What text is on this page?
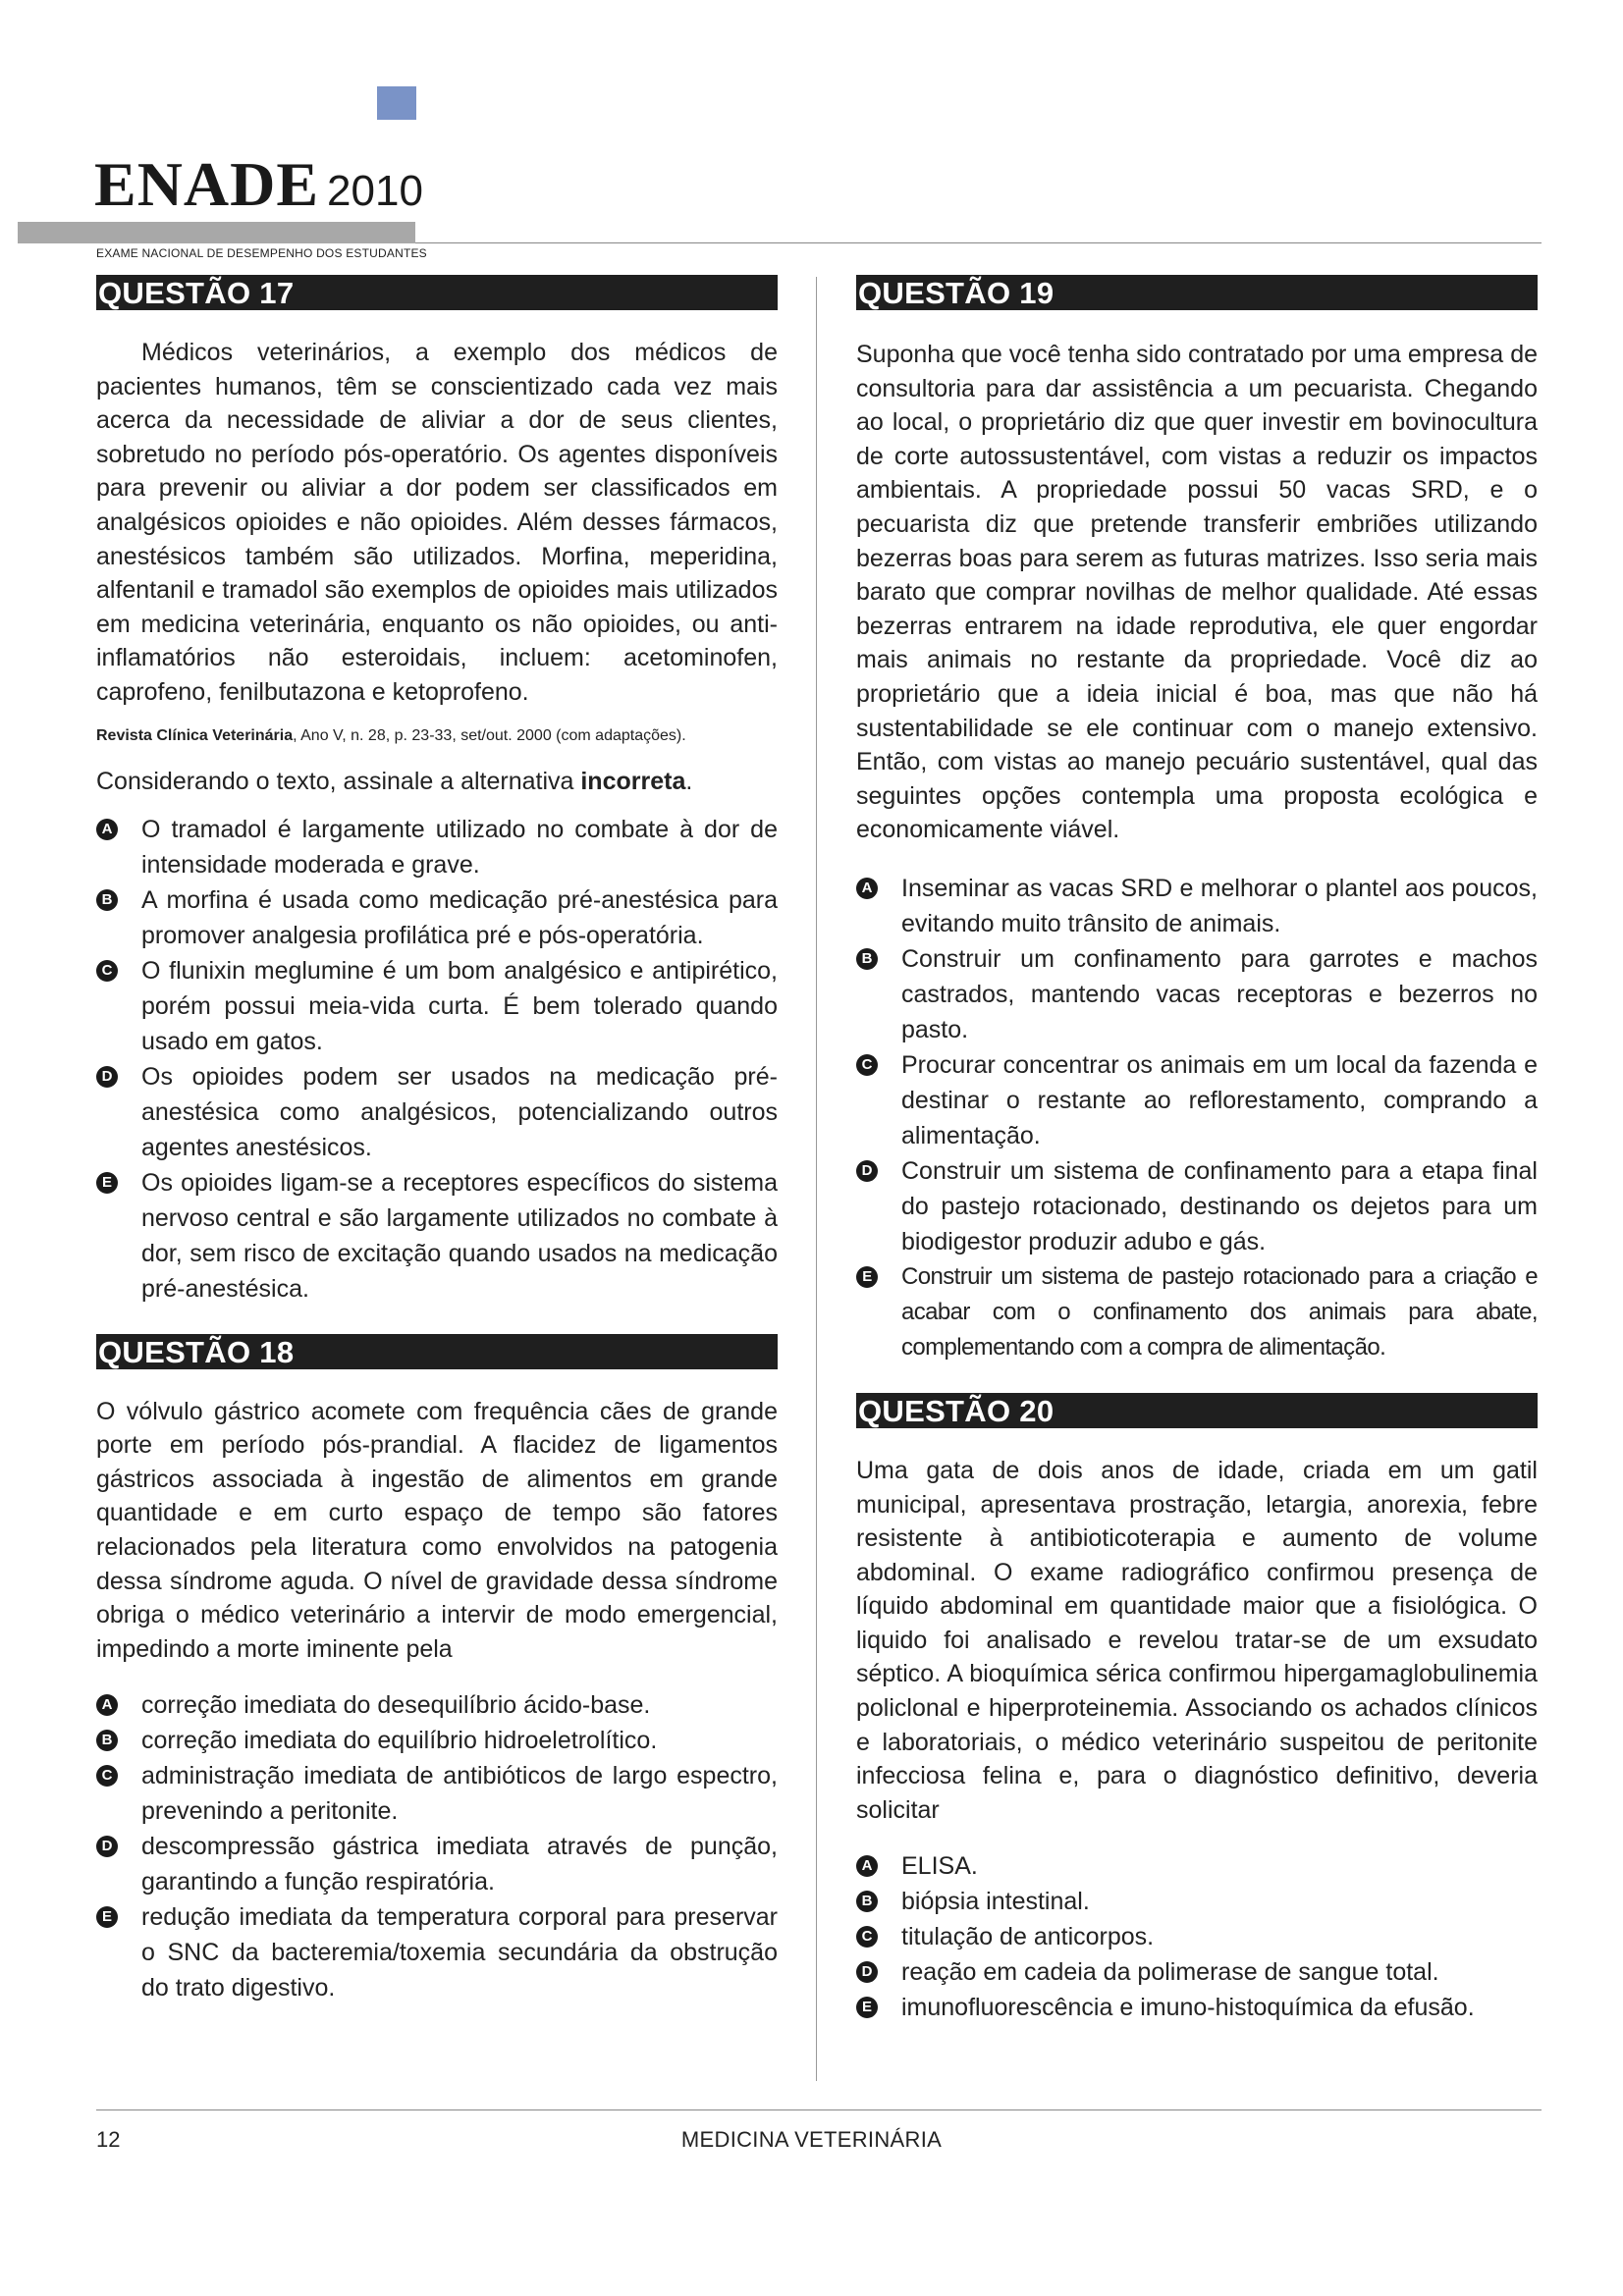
ENADE 2010
EXAME NACIONAL DE DESEMPENHO DOS ESTUDANTES
QUESTÃO 17

Médicos veterinários, a exemplo dos médicos de pacientes humanos, têm se conscientizado cada vez mais acerca da necessidade de aliviar a dor de seus clientes, sobretudo no período pós-operatório. Os agentes disponíveis para prevenir ou aliviar a dor podem ser classificados em analgésicos opioides e não opioides. Além desses fármacos, anestésicos também são utilizados. Morfina, meperidina, alfentanil e tramadol são exemplos de opioides mais utilizados em medicina veterinária, enquanto os não opioides, ou anti-inflamatórios não esteroidais, incluem: acetominofen, caprofeno, fenilbutazona e ketoprofeno.

Revista Clínica Veterinária, Ano V, n. 28, p. 23-33, set/out. 2000 (com adaptações).

Considerando o texto, assinale a alternativa incorreta.

A O tramadol é largamente utilizado no combate à dor de intensidade moderada e grave.
B A morfina é usada como medicação pré-anestésica para promover analgesia profilática pré e pós-operatória.
C O flunixin meglumine é um bom analgésico e antipirético, porém possui meia-vida curta. É bem tolerado quando usado em gatos.
D Os opioides podem ser usados na medicação pré-anestésica como analgésicos, potencializando outros agentes anestésicos.
E Os opioides ligam-se a receptores específicos do sistema nervoso central e são largamente utilizados no combate à dor, sem risco de excitação quando usados na medicação pré-anestésica.
QUESTÃO 18

O vólvulo gástrico acomete com frequência cães de grande porte em período pós-prandial. A flacidez de ligamentos gástricos associada à ingestão de alimentos em grande quantidade e em curto espaço de tempo são fatores relacionados pela literatura como envolvidos na patogenia dessa síndrome aguda. O nível de gravidade dessa síndrome obriga o médico veterinário a intervir de modo emergencial, impedindo a morte iminente pela

A correção imediata do desequilíbrio ácido-base.
B correção imediata do equilíbrio hidroeletrolítico.
C administração imediata de antibióticos de largo espectro, prevenindo a peritonite.
D descompressão gástrica imediata através de punção, garantindo a função respiratória.
E redução imediata da temperatura corporal para preservar o SNC da bacteremia/toxemia secundária da obstrução do trato digestivo.
QUESTÃO 19

Suponha que você tenha sido contratado por uma empresa de consultoria para dar assistência a um pecuarista. Chegando ao local, o proprietário diz que quer investir em bovinocultura de corte autossustentável, com vistas a reduzir os impactos ambientais. A propriedade possui 50 vacas SRD, e o pecuarista diz que pretende transferir embriões utilizando bezerras boas para serem as futuras matrizes. Isso seria mais barato que comprar novilhas de melhor qualidade. Até essas bezerras entrarem na idade reprodutiva, ele quer engordar mais animais no restante da propriedade. Você diz ao proprietário que a ideia inicial é boa, mas que não há sustentabilidade se ele continuar com o manejo extensivo. Então, com vistas ao manejo pecuário sustentável, qual das seguintes opções contempla uma proposta ecológica e economicamente viável.

A Inseminar as vacas SRD e melhorar o plantel aos poucos, evitando muito trânsito de animais.
B Construir um confinamento para garrotes e machos castrados, mantendo vacas receptoras e bezerros no pasto.
C Procurar concentrar os animais em um local da fazenda e destinar o restante ao reflorestamento, comprando a alimentação.
D Construir um sistema de confinamento para a etapa final do pastejo rotacionado, destinando os dejetos para um biodigestor produzir adubo e gás.
E Construir um sistema de pastejo rotacionado para a criação e acabar com o confinamento dos animais para abate, complementando com a compra de alimentação.
QUESTÃO 20

Uma gata de dois anos de idade, criada em um gatil municipal, apresentava prostração, letargia, anorexia, febre resistente à antibioticoterapia e aumento de volume abdominal. O exame radiográfico confirmou presença de líquido abdominal em quantidade maior que a fisiológica. O liquido foi analisado e revelou tratar-se de um exsudato séptico. A bioquímica sérica confirmou hipergamaglobulinemia policlonal e hiperproteinemia. Associando os achados clínicos e laboratoriais, o médico veterinário suspeitou de peritonite infecciosa felina e, para o diagnóstico definitivo, deveria solicitar

A ELISA.
B biópsia intestinal.
C titulação de anticorpos.
D reação em cadeia da polimerase de sangue total.
E imunofluorescência e imuno-histoquímica da efusão.
12	MEDICINA VETERINÁRIA
